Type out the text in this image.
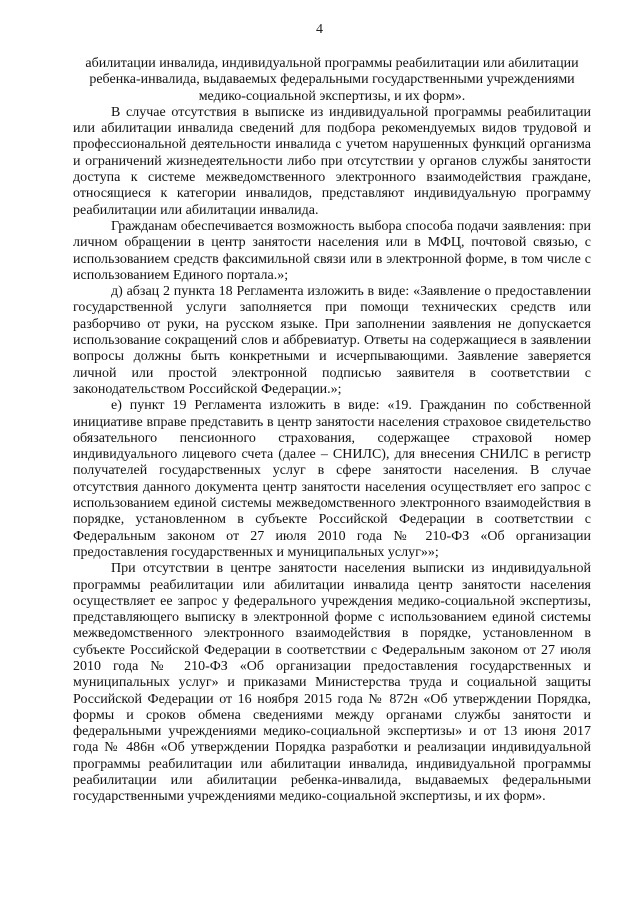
4

абилитации инвалида, индивидуальной программы реабилитации или абилитации ребенка-инвалида, выдаваемых федеральными государственными учреждениями медико-социальной экспертизы, и их форм».

В случае отсутствия в выписке из индивидуальной программы реабилитации или абилитации инвалида сведений для подбора рекомендуемых видов трудовой и профессиональной деятельности инвалида с учетом нарушенных функций организма и ограничений жизнедеятельности либо при отсутствии у органов службы занятости доступа к системе межведомственного электронного взаимодействия граждане, относящиеся к категории инвалидов, представляют индивидуальную программу реабилитации или абилитации инвалида.

Гражданам обеспечивается возможность выбора способа подачи заявления: при личном обращении в центр занятости населения или в МФЦ, почтовой связью, с использованием средств факсимильной связи или в электронной форме, в том числе с использованием Единого портала.»;

д) абзац 2 пункта 18 Регламента изложить в виде: «Заявление о предоставлении государственной услуги заполняется при помощи технических средств или разборчиво от руки, на русском языке. При заполнении заявления не допускается использование сокращений слов и аббревиатур. Ответы на содержащиеся в заявлении вопросы должны быть конкретными и исчерпывающими. Заявление заверяется личной или простой электронной подписью заявителя в соответствии с законодательством Российской Федерации.»;

е) пункт 19 Регламента изложить в виде: «19. Гражданин по собственной инициативе вправе представить в центр занятости населения страховое свидетельство обязательного пенсионного страхования, содержащее страховой номер индивидуального лицевого счета (далее – СНИЛС), для внесения СНИЛС в регистр получателей государственных услуг в сфере занятости населения. В случае отсутствия данного документа центр занятости населения осуществляет его запрос с использованием единой системы межведомственного электронного взаимодействия в порядке, установленном в субъекте Российской Федерации в соответствии с Федеральным законом от 27 июля 2010 года № 210-ФЗ «Об организации предоставления государственных и муниципальных услуг»»;

При отсутствии в центре занятости населения выписки из индивидуальной программы реабилитации или абилитации инвалида центр занятости населения осуществляет ее запрос у федерального учреждения медико-социальной экспертизы, представляющего выписку в электронной форме с использованием единой системы межведомственного электронного взаимодействия в порядке, установленном в субъекте Российской Федерации в соответствии с Федеральным законом от 27 июля 2010 года № 210-ФЗ «Об организации предоставления государственных и муниципальных услуг» и приказами Министерства труда и социальной защиты Российской Федерации от 16 ноября 2015 года № 872н «Об утверждении Порядка, формы и сроков обмена сведениями между органами службы занятости и федеральными учреждениями медико-социальной экспертизы» и от 13 июня 2017 года № 486н «Об утверждении Порядка разработки и реализации индивидуальной программы реабилитации или абилитации инвалида, индивидуальной программы реабилитации или абилитации ребенка-инвалида, выдаваемых федеральными государственными учреждениями медико-социальной экспертизы, и их форм».
